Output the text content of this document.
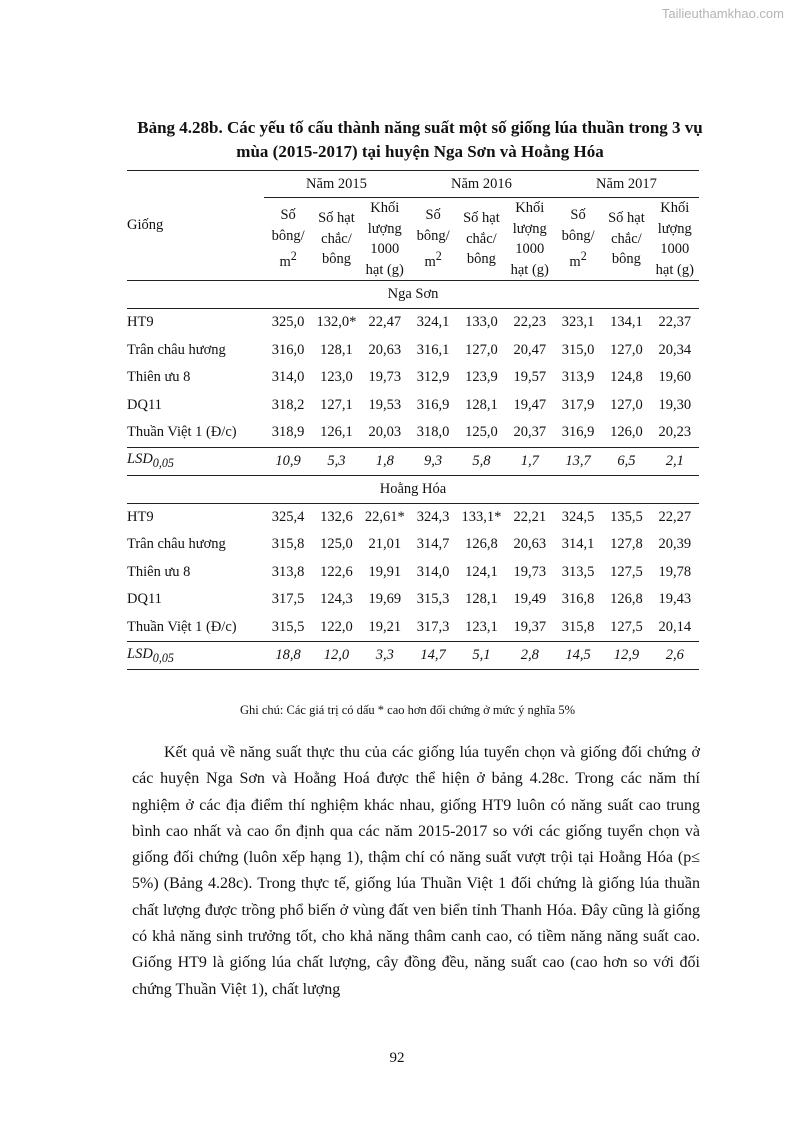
Tailieuthamkhao.com
Bảng 4.28b. Các yếu tố cấu thành năng suất một số giống lúa thuần trong 3 vụ mùa (2015-2017) tại huyện Nga Sơn và Hoằng Hóa
Giống	Năm 2015			Năm 2016			Năm 2017		
	Số
bông/
$m^2$	Số hạt
chắc/
bông	Khối
lượng
1000
hạt (g)	Số
bông/
$m^2$	Số hạt
chắc/
bông	Khối
lượng
1000
hạt (g)	Số
bông/
$m^2$	Số hạt
chắc/
bông	Khối
lượng
1000
hạt (g)
Nga Sơn									
HT9	325,0	132,0*	22,47	324,1	133,0	22,23	323,1	134,1	22,37
Trân châu hương	316,0	128,1	20,63	316,1	127,0	20,47	315,0	127,0	20,34
Thiên ưu 8	314,0	123,0	19,73	312,9	123,9	19,57	313,9	124,8	19,60
DQ11	318,2	127,1	19,53	316,9	128,1	19,47	317,9	127,0	19,30
Thuần Việt 1 (Đ/c)	318,9	126,1	20,03	318,0	125,0	20,37	316,9	126,0	20,23
$LSD_{0,05}$	10,9	5,3	1,8	9,3	5,8	1,7	13,7	6,5	2,1
Hoằng Hóa									
HT9	325,4	132,6	22,61*	324,3	133,1*	22,21	324,5	135,5	22,27
Trân châu hương	315,8	125,0	21,01	314,7	126,8	20,63	314,1	127,8	20,39
Thiên ưu 8	313,8	122,6	19,91	314,0	124,1	19,73	313,5	127,5	19,78
DQ11	317,5	124,3	19,69	315,3	128,1	19,49	316,8	126,8	19,43
Thuần Việt 1 (Đ/c)	315,5	122,0	19,21	317,3	123,1	19,37	315,8	127,5	20,14
$LSD_{0,05}$	18,8	12,0	3,3	14,7	5,1	2,8	14,5	12,9	2,6
Ghi chú: Các giá trị có dấu * cao hơn đối chứng ở mức ý nghĩa 5%

Kết quả về năng suất thực thu của các giống lúa tuyển chọn và giống đối chứng ở các huyện Nga Sơn và Hoằng Hoá được thể hiện ở bảng 4.28c. Trong các năm thí nghiệm ở các địa điểm thí nghiệm khác nhau, giống HT9 luôn có năng suất cao trung bình cao nhất và cao ổn định qua các năm 2015-2017 so với các giống tuyển chọn và giống đối chứng (luôn xếp hạng 1), thậm chí có năng suất vượt trội tại Hoằng Hóa (p≤ 5%) (Bảng 4.28c). Trong thực tế, giống lúa Thuần Việt 1 đối chứng là giống lúa thuần chất lượng được trồng phổ biến ở vùng đất ven biển tỉnh Thanh Hóa. Đây cũng là giống có khả năng sinh trưởng tốt, cho khả năng thâm canh cao, có tiềm năng năng suất cao. Giống HT9 là giống lúa chất lượng, cây đồng đều, năng suất cao (cao hơn so với đối chứng Thuần Việt 1), chất lượng

92
